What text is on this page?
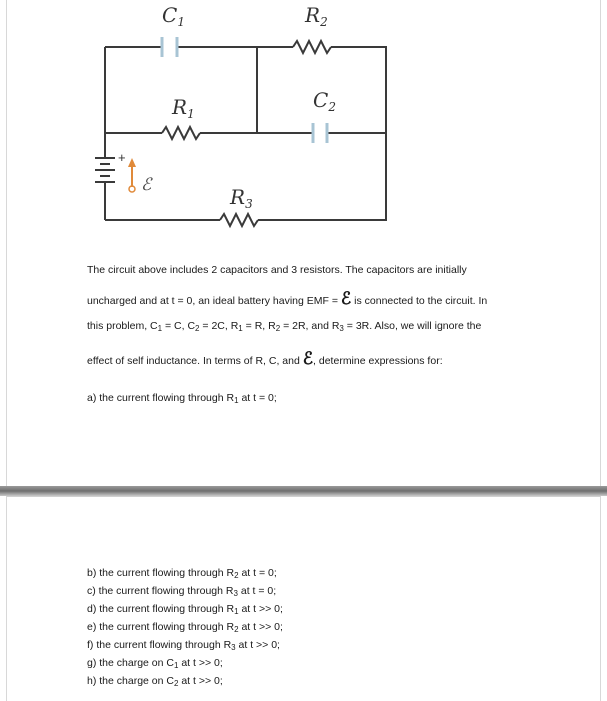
+
ℰ
$C_1$	$R_2$
$R_1$
$C_2$
$R_3$
The circuit above includes 2 capacitors and 3 resistors. The capacitors are initially
uncharged and at t = 0, an ideal battery having EMF = ℰ is connected to the circuit. In
this problem, $C_1 = C$, $C_2 = 2C$, $R_1 = R$, $R_2 = 2R$, and $R_3 = 3R$. Also, we will ignore the
effect of self inductance. In terms of R, C, and ℰ, determine expressions for:
a) the current flowing through $R_1$ at t = 0;
b) the current flowing through $R_2$ at t = 0;
c) the current flowing through $R_3$ at t = 0;
d) the current flowing through $R_1$ at t >> 0;
e) the current flowing through $R_2$ at t >> 0;
f) the current flowing through $R_3$ at t >> 0;
g) the charge on $C_1$ at t >> 0;
h) the charge on $C_2$ at t >> 0;
